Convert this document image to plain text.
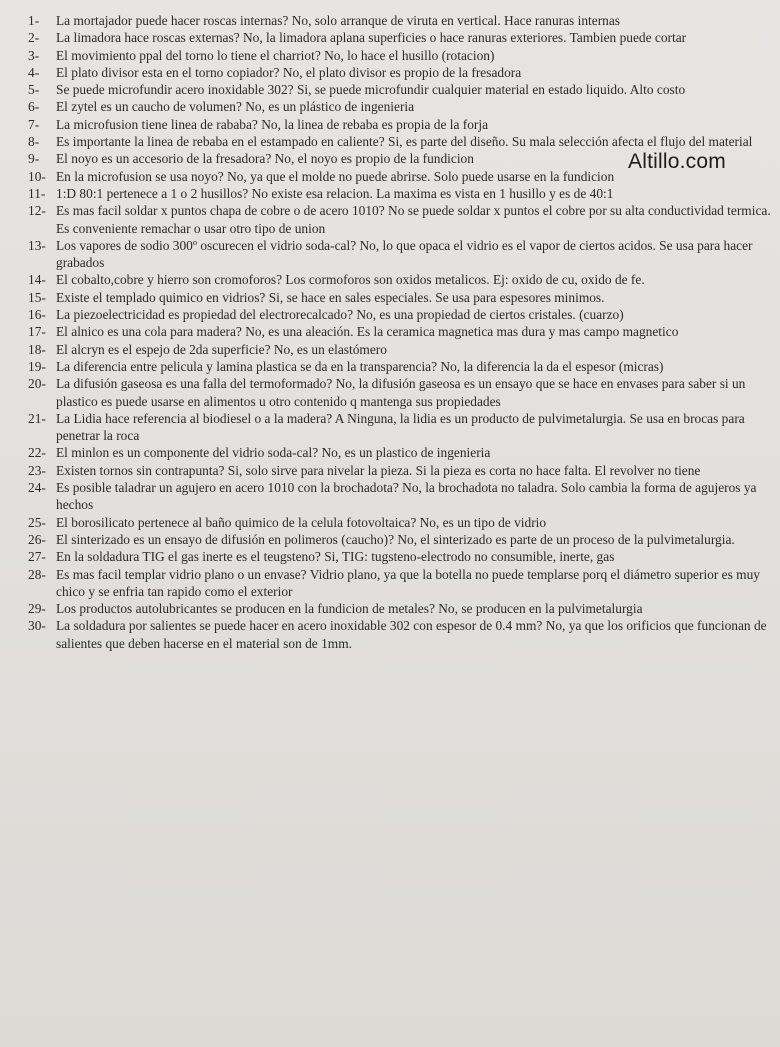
Altillo.com
1-	La mortajador puede hacer roscas internas? No, solo arranque de viruta en vertical. Hace ranuras internas
2-	La limadora hace roscas externas? No, la limadora aplana superficies o hace ranuras exteriores. Tambien puede cortar
3-	El movimiento ppal del torno lo tiene el charriot? No, lo hace el husillo (rotacion)
4-	El plato divisor esta en el torno copiador? No, el plato divisor es propio de la fresadora
5-	Se puede microfundir acero inoxidable 302? Si, se puede microfundir cualquier material en estado liquido. Alto costo
6-	El zytel es un caucho de volumen? No, es un plástico de ingenieria
7-	La microfusion tiene linea de rababa? No, la linea de rebaba es propia de la forja
8-	Es importante la linea de rebaba en el estampado en caliente? Si, es parte del diseño. Su mala selección afecta el flujo del material
9-	El noyo es un accesorio de la fresadora? No, el noyo es propio de la fundicion
10- En la microfusion se usa noyo? No, ya que el molde no puede abrirse. Solo puede usarse en la fundicion
11- 1:D 80:1 pertenece a 1 o 2 husillos? No existe esa relacion. La maxima es vista en 1 husillo y es de 40:1
12- Es mas facil soldar x puntos chapa de cobre o de acero 1010? No se puede soldar x puntos el cobre por su alta conductividad termica. Es conveniente remachar o usar otro tipo de union
13- Los vapores de sodio 300º oscurecen el vidrio soda-cal? No, lo que opaca el vidrio es el vapor de ciertos acidos. Se usa para hacer grabados
14- El cobalto,cobre y hierro son cromoforos? Los cormoforos son oxidos metalicos. Ej: oxido de cu, oxido de fe.
15- Existe el templado quimico en vidrios? Si, se hace en sales especiales. Se usa para espesores minimos.
16- La piezoelectricidad es propiedad del electrorecalcado? No, es una propiedad de ciertos cristales. (cuarzo)
17- El alnico es una cola para madera? No, es una aleación. Es la ceramica magnetica mas dura y mas campo magnetico
18- El alcryn es el espejo de 2da superficie? No, es un elastómero
19- La diferencia entre pelicula y lamina plastica se da en la transparencia? No, la diferencia la da el espesor (micras)
20- La difusión gaseosa es una falla del termoformado? No, la difusión gaseosa es un ensayo que se hace en envases para saber si un plastico es puede usarse en alimentos u otro contenido q mantenga sus propiedades
21- La Lidia hace referencia al biodiesel o a la madera? A Ninguna, la lidia es un producto de pulvimetalurgia. Se usa en brocas para penetrar la roca
22- El minlon es un componente del vidrio soda-cal? No, es un plastico de ingenieria
23- Existen tornos sin contrapunta? Si, solo sirve para nivelar la pieza. Si la pieza es corta no hace falta. El revolver no tiene
24- Es posible taladrar un agujero en acero 1010 con la brochadota? No, la brochadota no taladra. Solo cambia la forma de agujeros ya hechos
25- El borosilicato pertenece al baño quimico de la celula fotovoltaica? No, es un tipo de vidrio
26- El sinterizado es un ensayo de difusión en polimeros (caucho)? No, el sinterizado es parte de un proceso de la pulvimetalurgia.
27- En la soldadura TIG el gas inerte es el teugsteno? Si, TIG: tugsteno-electrodo no consumible, inerte, gas
28- Es mas facil templar vidrio plano o un envase? Vidrio plano, ya que la botella no puede templarse porq el diámetro superior es muy chico y se enfria tan rapido como el exterior
29- Los productos autolubricantes se producen en la fundicion de metales? No, se producen en la pulvimetalurgia
30- La soldadura por salientes se puede hacer en acero inoxidable 302 con espesor de 0.4 mm? No, ya que los orificios que funcionan de salientes que deben hacerse en el material son de 1mm.
